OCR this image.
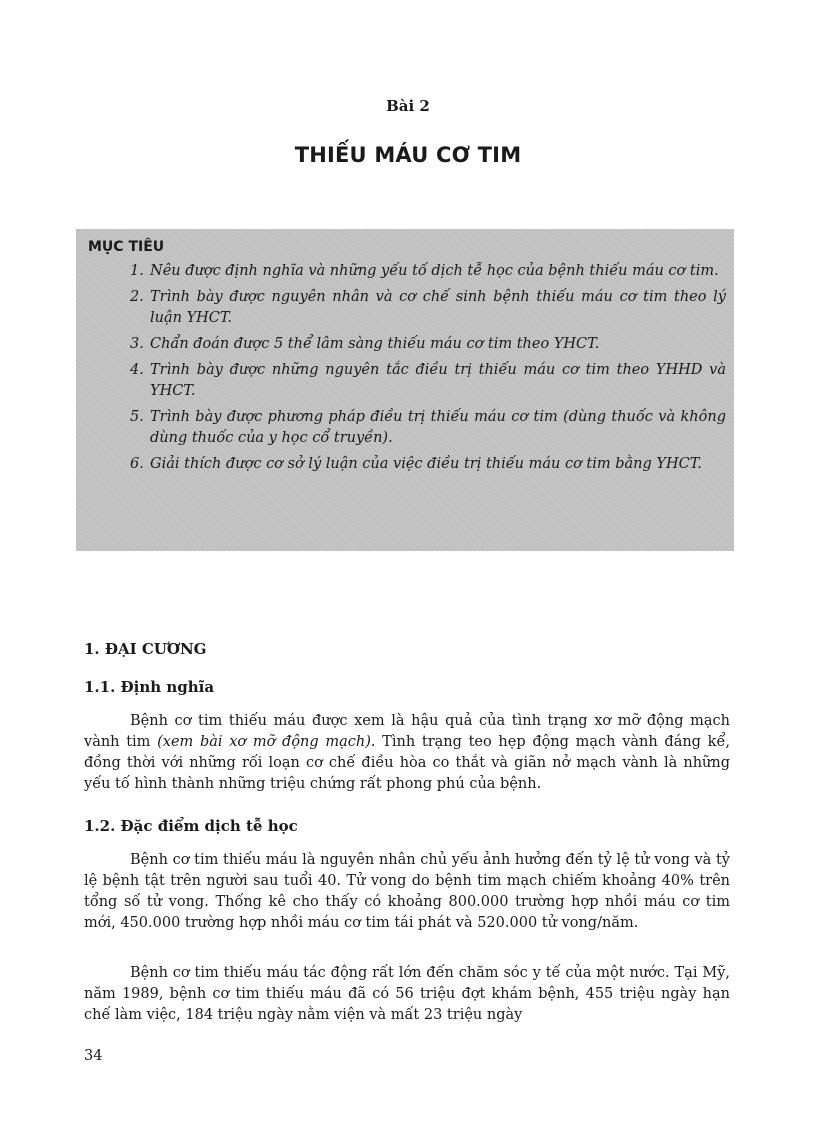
Bài 2
THIẾU MÁU CƠ TIM
MỤC TIÊU
1. Nêu được định nghĩa và những yếu tố dịch tễ học của bệnh thiếu máu cơ tim.
2. Trình bày được nguyên nhân và cơ chế sinh bệnh thiếu máu cơ tim theo lý luận YHCT.
3. Chẩn đoán được 5 thể lâm sàng thiếu máu cơ tim theo YHCT.
4. Trình bày được những nguyên tắc điều trị thiếu máu cơ tim theo YHHD và YHCT.
5. Trình bày được phương pháp điều trị thiếu máu cơ tim (dùng thuốc và không dùng thuốc của y học cổ truyền).
6. Giải thích được cơ sở lý luận của việc điều trị thiếu máu cơ tim bằng YHCT.
1. ĐẠI CƯƠNG
1.1. Định nghĩa

Bệnh cơ tim thiếu máu được xem là hậu quả của tình trạng xơ mỡ động mạch vành tim (xem bài xơ mỡ động mạch). Tình trạng teo hẹp động mạch vành đáng kể, đồng thời với những rối loạn cơ chế điều hòa co thắt và giãn nở mạch vành là những yếu tố hình thành những triệu chứng rất phong phú của bệnh.

1.2. Đặc điểm dịch tễ học

Bệnh cơ tim thiếu máu là nguyên nhân chủ yếu ảnh hưởng đến tỷ lệ tử vong và tỷ lệ bệnh tật trên người sau tuổi 40. Tử vong do bệnh tim mạch chiếm khoảng 40% trên tổng số tử vong. Thống kê cho thấy có khoảng 800.000 trường hợp nhồi máu cơ tim mới, 450.000 trường hợp nhồi máu cơ tim tái phát và 520.000 tử vong/năm.

Bệnh cơ tim thiếu máu tác động rất lớn đến chăm sóc y tế của một nước. Tại Mỹ, năm 1989, bệnh cơ tim thiếu máu đã có 56 triệu đợt khám bệnh, 455 triệu ngày hạn chế làm việc, 184 triệu ngày nằm viện và mất 23 triệu ngày

34
